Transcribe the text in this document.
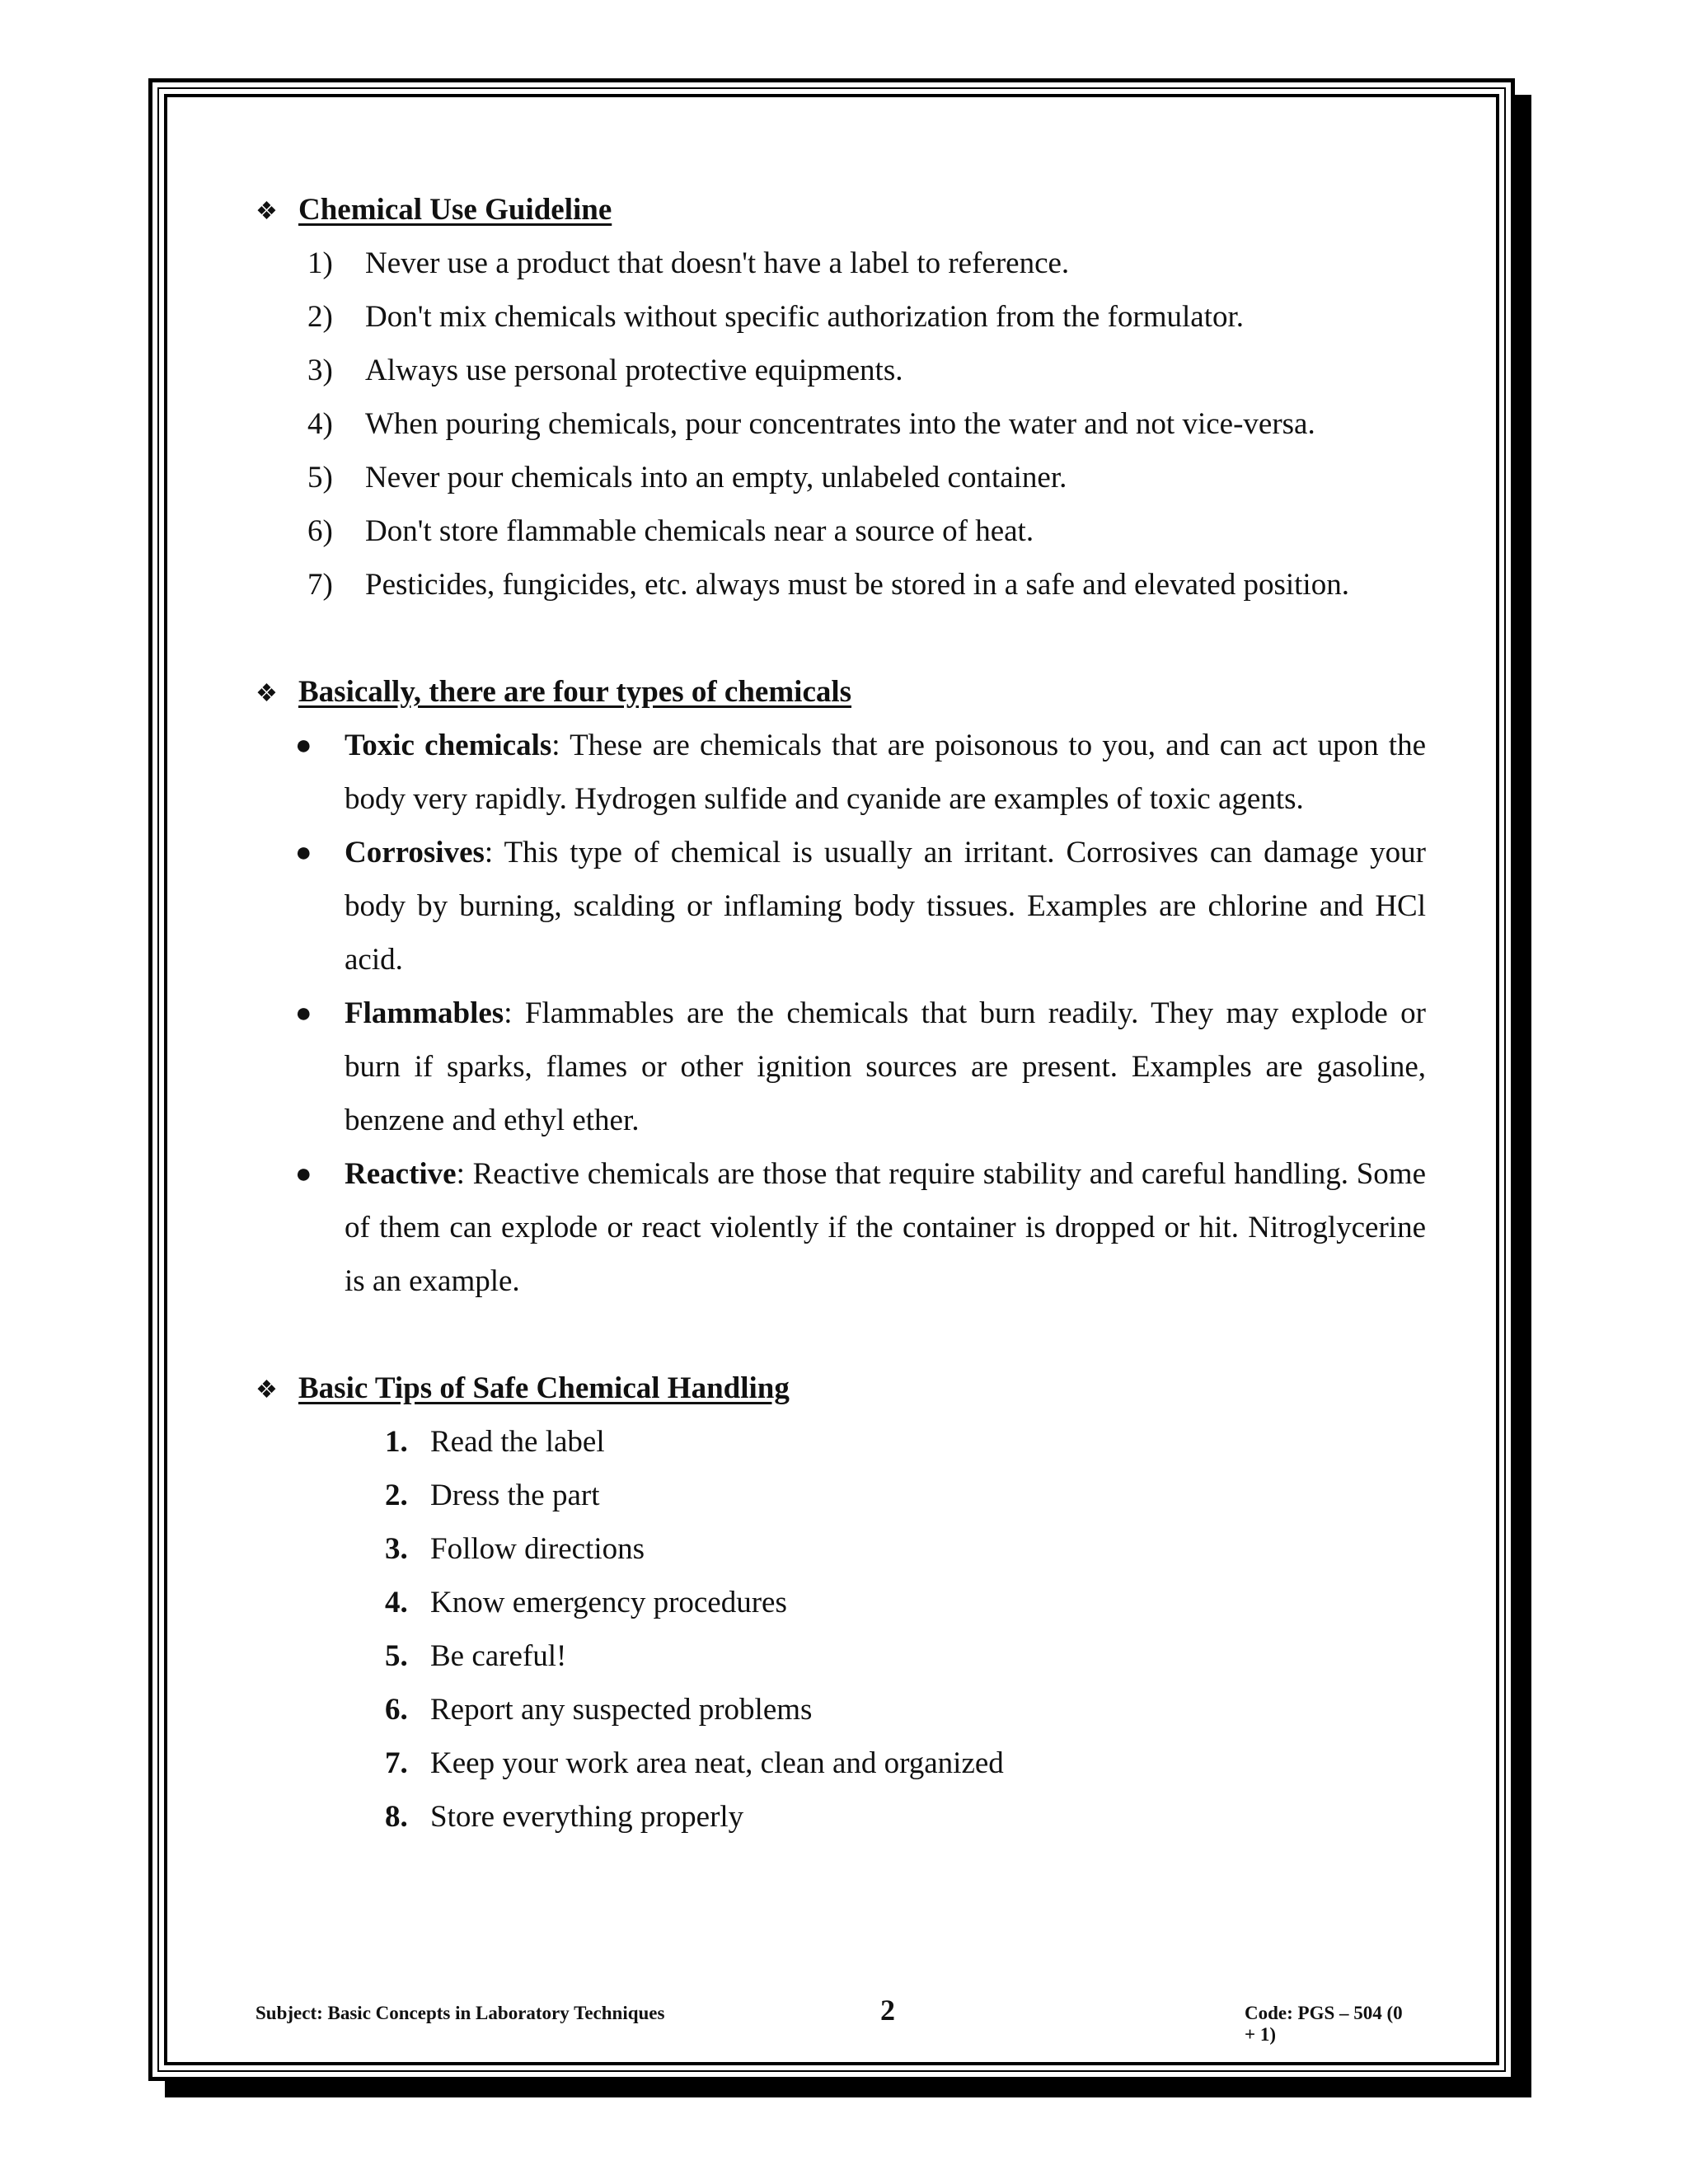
❖ Chemical Use Guideline
1)	Never use a product that doesn't have a label to reference.
2)	Don't mix chemicals without specific authorization from the formulator.
3)	Always use personal protective equipments.
4)	When pouring chemicals, pour concentrates into the water and not vice-versa.
5)	Never pour chemicals into an empty, unlabeled container.
6)	Don't store flammable chemicals near a source of heat.
7)	Pesticides, fungicides, etc. always must be stored in a safe and elevated position.
❖ Basically, there are four types of chemicals
●	Toxic chemicals: These are chemicals that are poisonous to you, and can act upon the body very rapidly. Hydrogen sulfide and cyanide are examples of toxic agents.
●	Corrosives: This type of chemical is usually an irritant. Corrosives can damage your body by burning, scalding or inflaming body tissues. Examples are chlorine and HCl acid.
●	Flammables: Flammables are the chemicals that burn readily. They may explode or burn if sparks, flames or other ignition sources are present. Examples are gasoline, benzene and ethyl ether.
●	Reactive: Reactive chemicals are those that require stability and careful handling. Some of them can explode or react violently if the container is dropped or hit. Nitroglycerine is an example.
❖ Basic Tips of Safe Chemical Handling
1. Read the label
2. Dress the part
3. Follow directions
4. Know emergency procedures
5. Be careful!
6. Report any suspected problems
7. Keep your work area neat, clean and organized
8. Store everything properly
Subject: Basic Concepts in Laboratory Techniques	2	Code: PGS – 504 (0 + 1)
